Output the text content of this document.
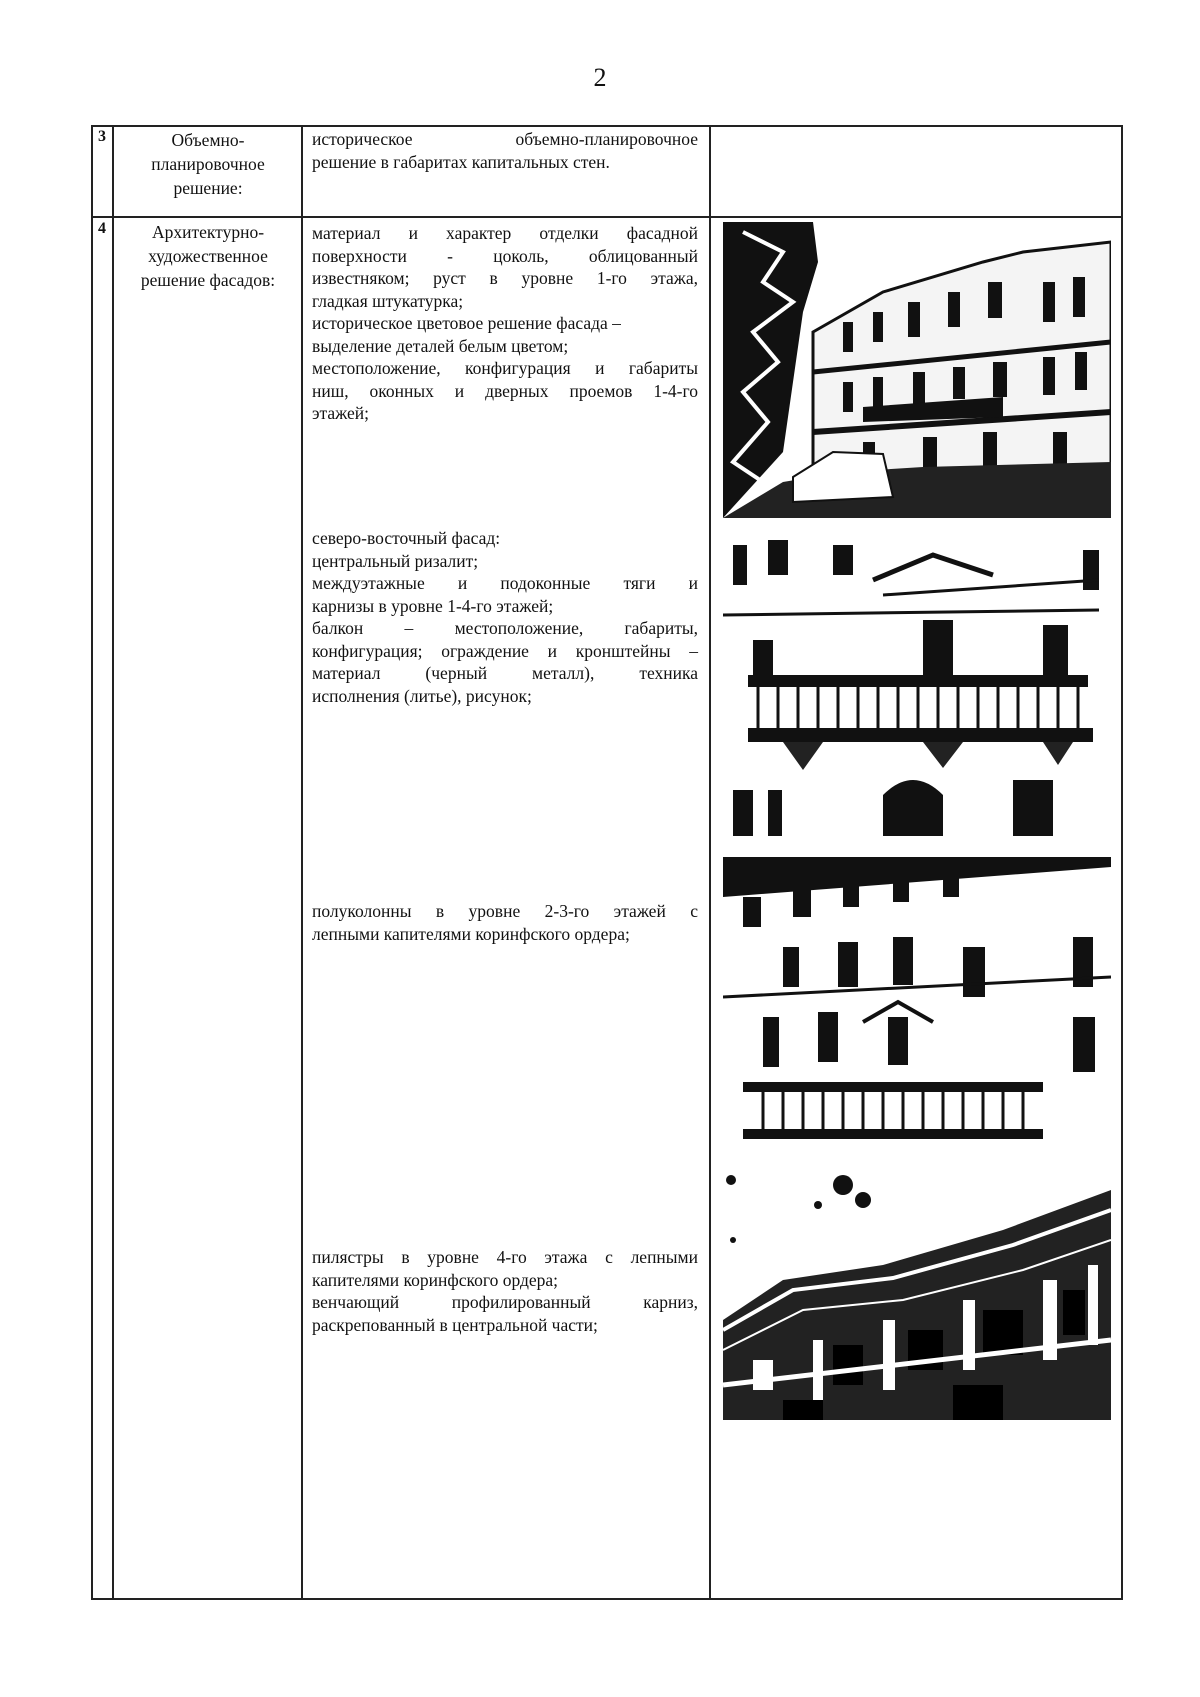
2
3	Объемно-
планировочное
решение:
историческое объемно-планировочное
решение в габаритах капитальных стен.
4	Архитектурно-
художественное
решение фасадов:
материал и характер отделки фасадной
поверхности - цоколь, облицованный
известняком; руст в уровне 1-го этажа,
гладкая штукатурка;
историческое цветовое решение фасада –
выделение деталей белым цветом;
местоположение, конфигурация и габариты
ниш, оконных и дверных проемов 1-4-го
этажей;
северо-восточный фасад:
центральный ризалит;
междуэтажные и подоконные тяги и
карнизы в уровне 1-4-го этажей;
балкон – местоположение, габариты,
конфигурация; ограждение и кронштейны –
материал (черный металл), техника
исполнения (литье), рисунок;
полуколонны в уровне 2-3-го этажей с
лепными капителями коринфского ордера;
пилястры в уровне 4-го этажа с лепными
капителями коринфского ордера;
венчающий профилированный карниз,
раскрепованный в центральной части;
